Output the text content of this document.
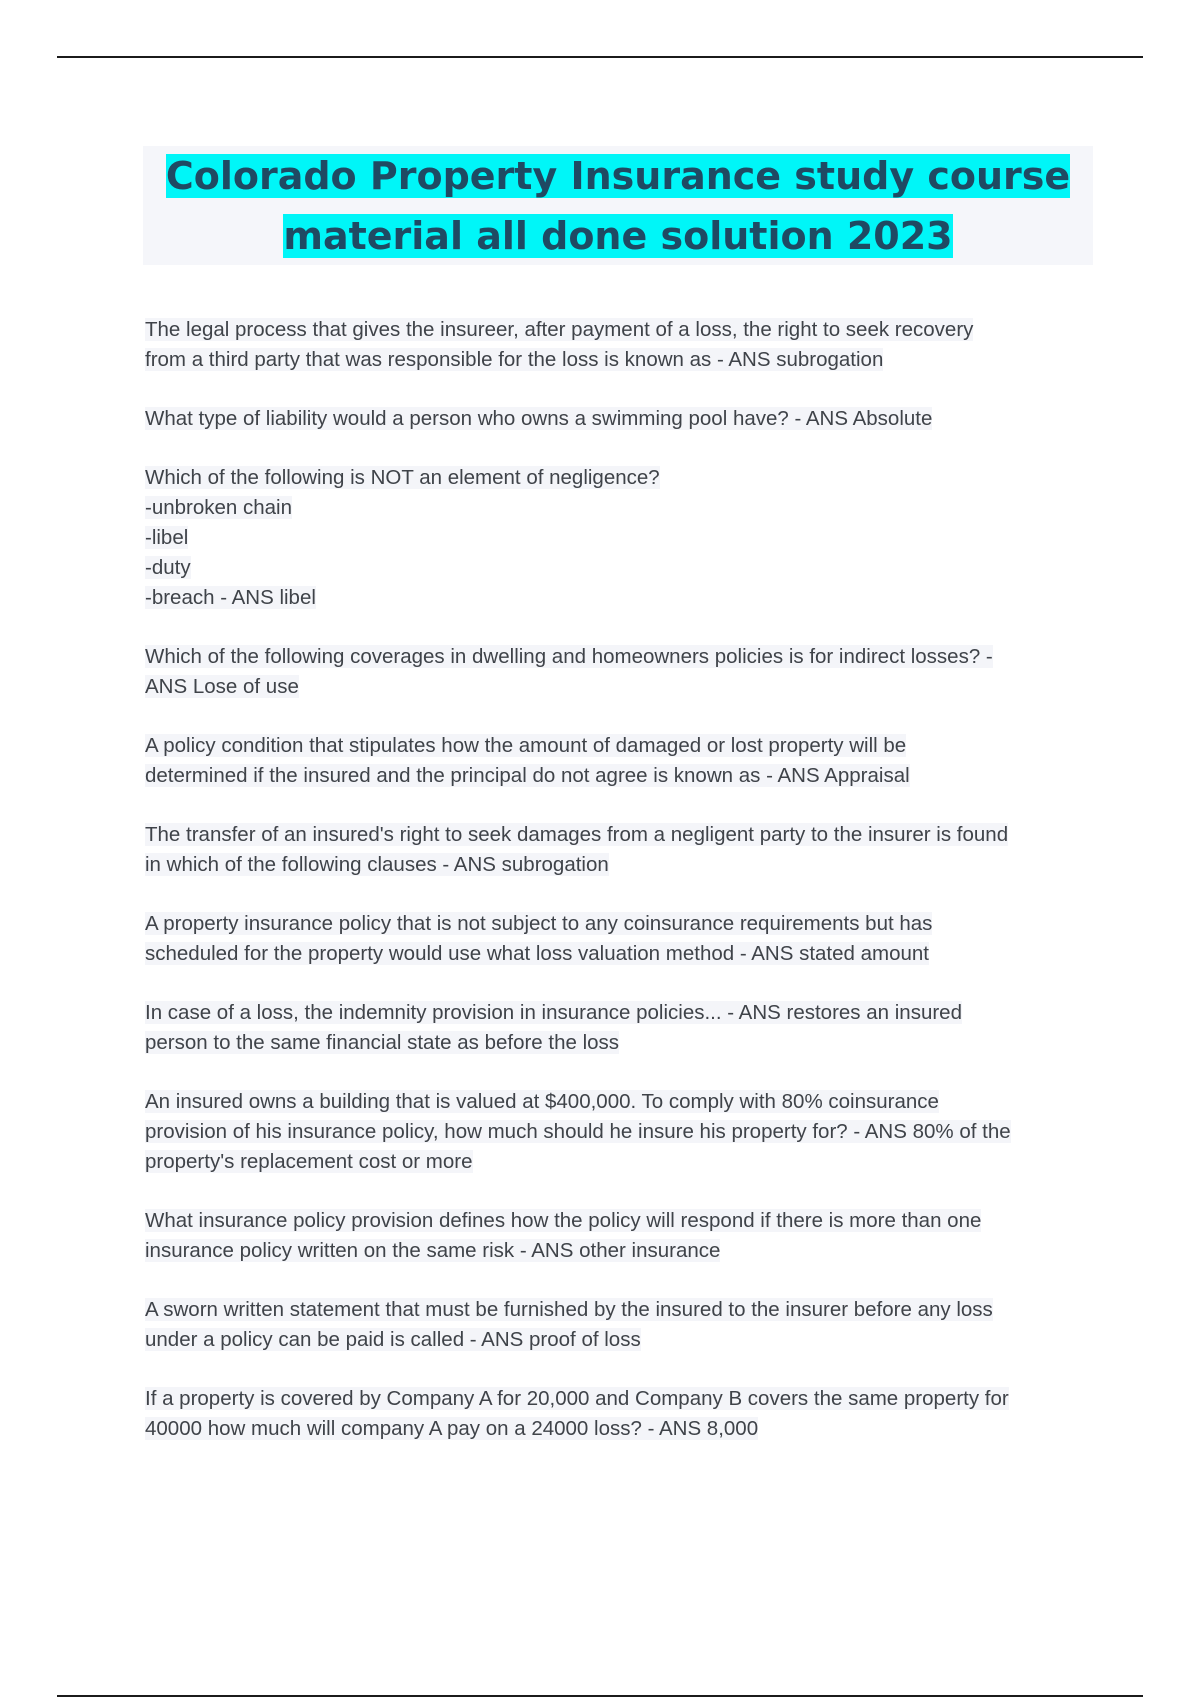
Colorado Property Insurance study course
material all done solution 2023
The legal process that gives the insureer, after payment of a loss, the right to seek recovery
from a third party that was responsible for the loss is known as - ANS subrogation
What type of liability would a person who owns a swimming pool have? - ANS Absolute
Which of the following is NOT an element of negligence?
-unbroken chain
-libel
-duty
-breach - ANS libel
Which of the following coverages in dwelling and homeowners policies is for indirect losses? -
ANS Lose of use
A policy condition that stipulates how the amount of damaged or lost property will be
determined if the insured and the principal do not agree is known as - ANS Appraisal
The transfer of an insured's right to seek damages from a negligent party to the insurer is found
in which of the following clauses - ANS subrogation
A property insurance policy that is not subject to any coinsurance requirements but has
scheduled for the property would use what loss valuation method - ANS stated amount
In case of a loss, the indemnity provision in insurance policies... - ANS restores an insured
person to the same financial state as before the loss
An insured owns a building that is valued at $400,000. To comply with 80% coinsurance
provision of his insurance policy, how much should he insure his property for? - ANS 80% of the
property's replacement cost or more
What insurance policy provision defines how the policy will respond if there is more than one
insurance policy written on the same risk - ANS other insurance
A sworn written statement that must be furnished by the insured to the insurer before any loss
under a policy can be paid is called - ANS proof of loss
If a property is covered by Company A for 20,000 and Company B covers the same property for
40000 how much will company A pay on a 24000 loss? - ANS 8,000
